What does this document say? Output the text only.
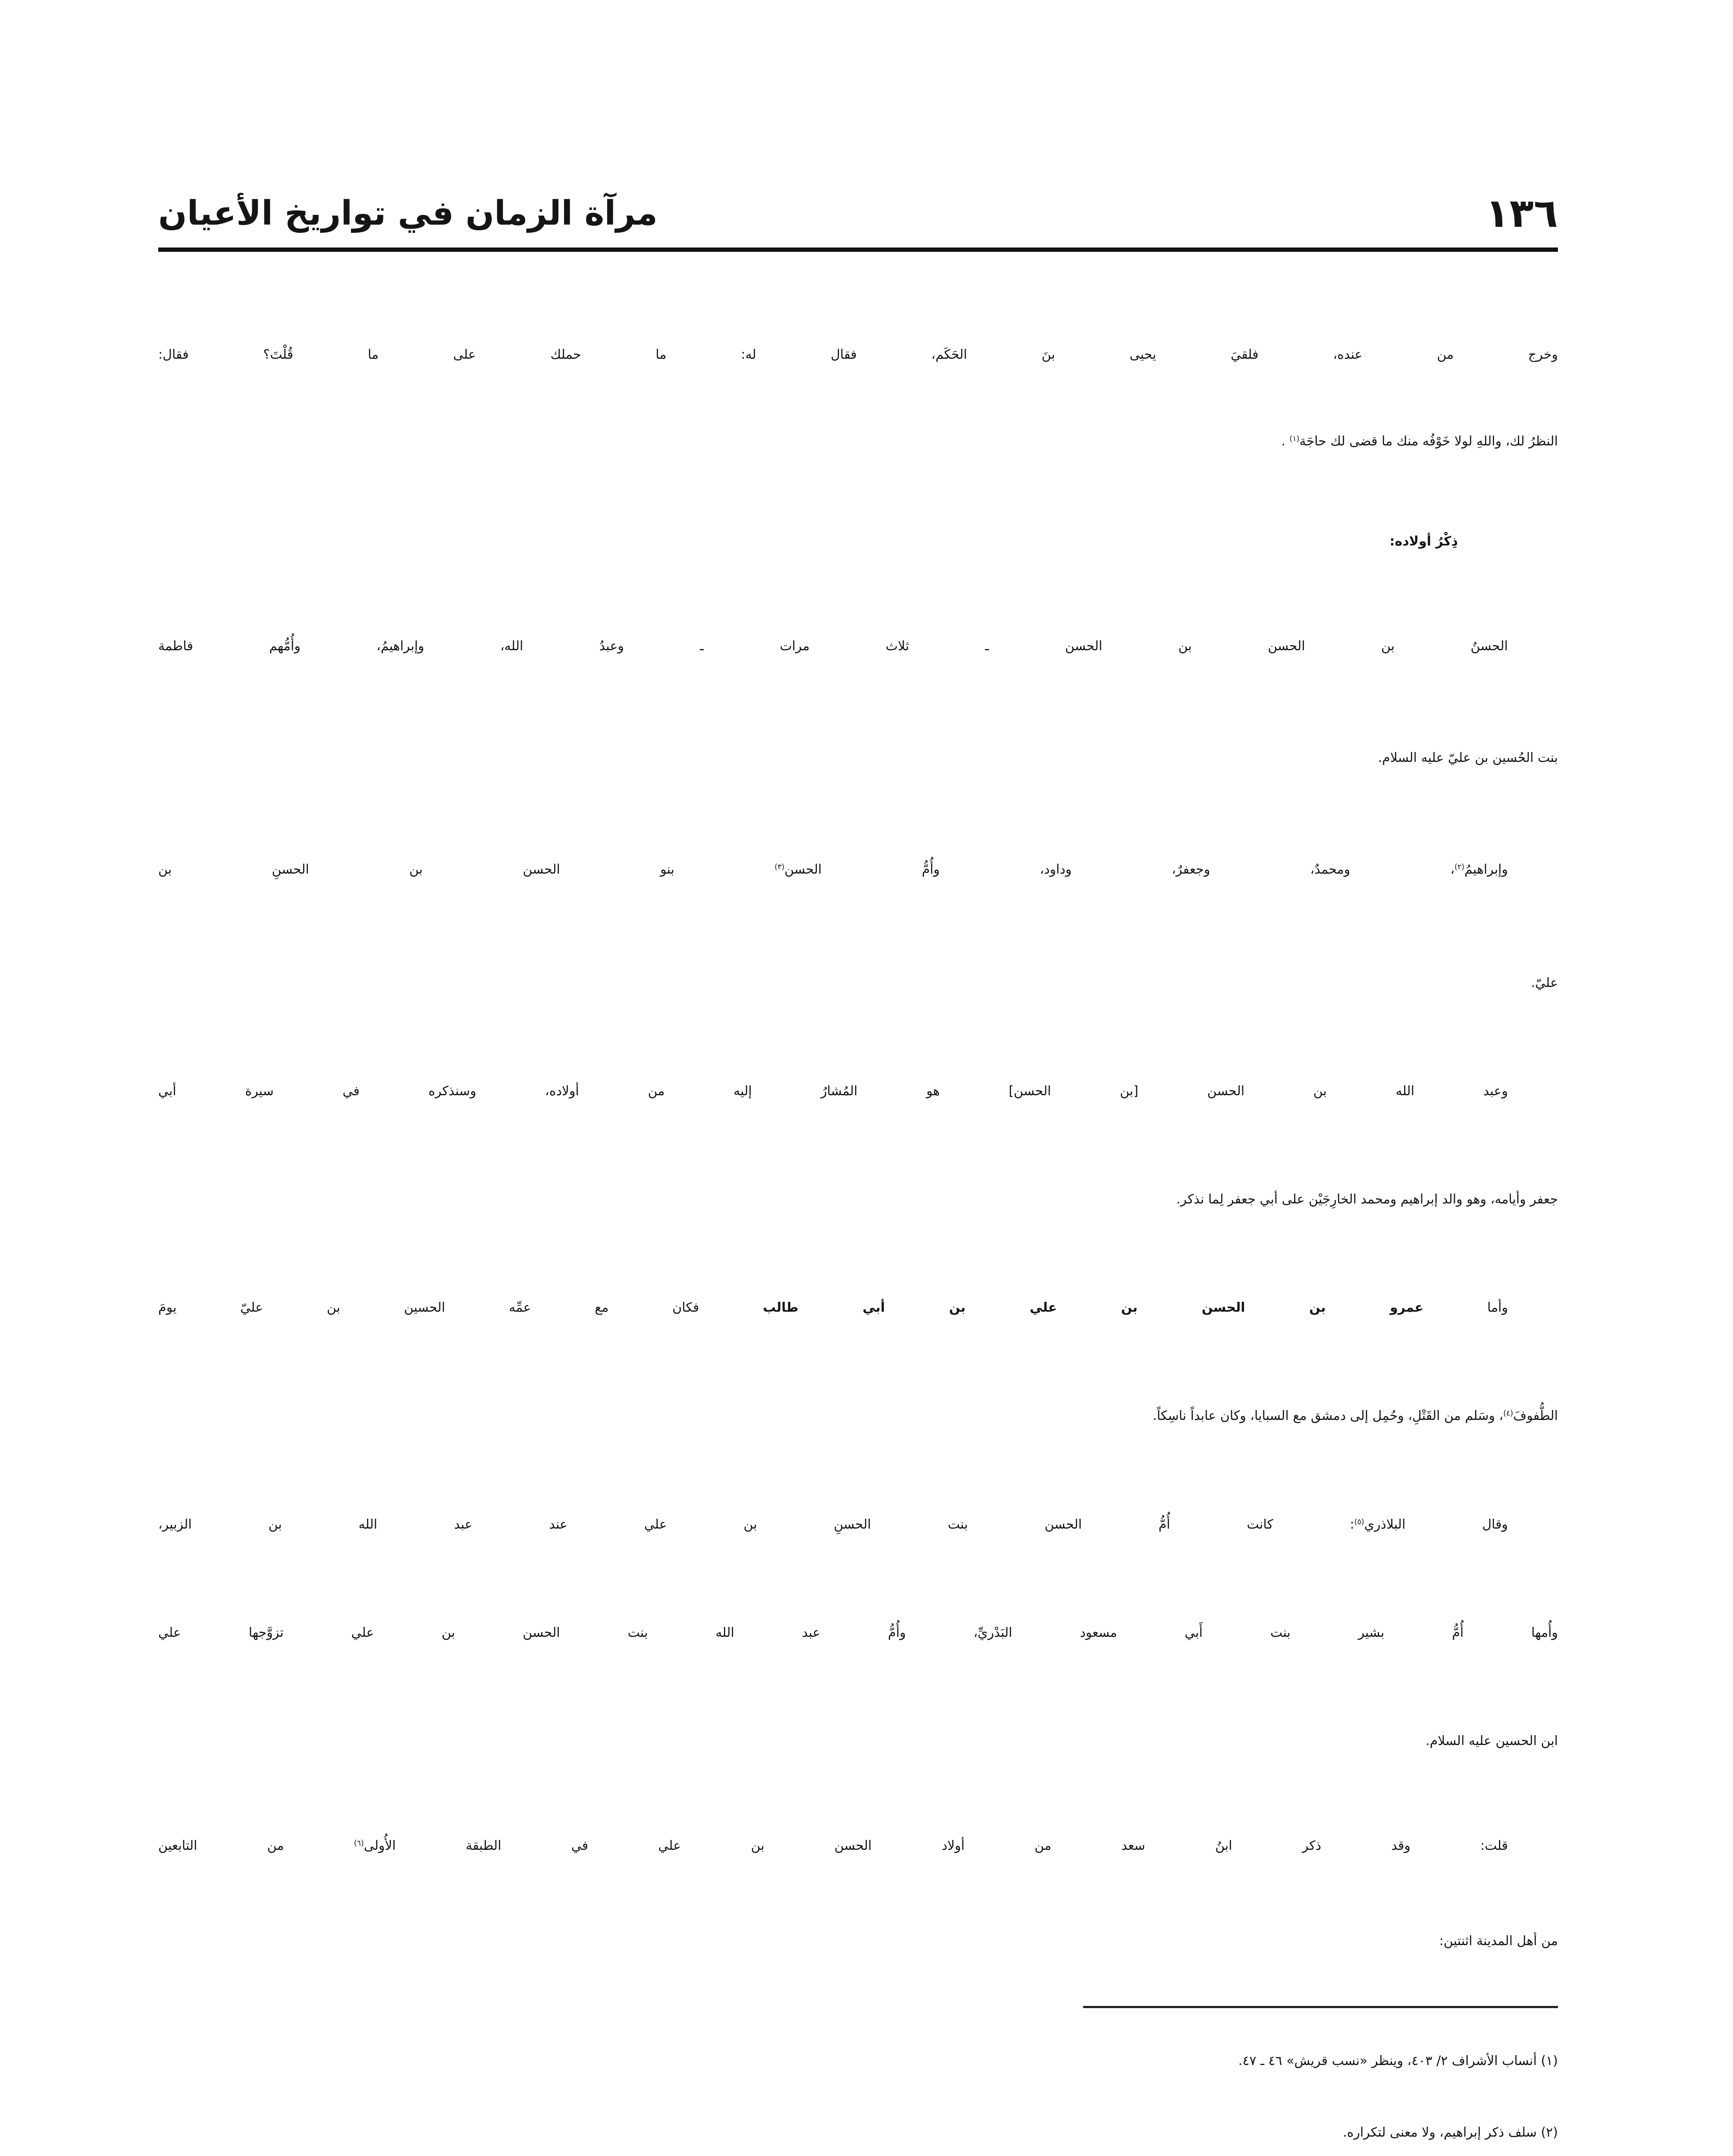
١٣٦
مرآة الزمان في تواريخ الأعيان
وخرج من عنده، فلقيَ يحيى بنَ الحَكَم، فقال له: ما حملك على ما قُلْتَ؟ فقال:
النظرُ لك، واللهِ لولا خَوْفُه منك ما قضى لك حاجَة$^{(١)}$ .
ذِكْرُ أولاده:
الحسنُ بن الحسن بن الحسن ـ ثلاث مرات ـ وعبدُ الله، وإبراهيمُ، وأُمُّهم فاطمة
بنت الحُسين بن عليّ عليه السلام.
وإبراهيمُ$^{(٢)}$، ومحمدٌ، وجعفرٌ، وداود، وأُمُّ الحسن$^{(٣)}$ بنو الحسن بن الحسنِ بن
عليّ.
وعبد الله بن الحسن [بن الحسن] هو المُشارُ إليه من أولاده، وسنذكره في سيرة أبي
جعفر وأيامه، وهو والد إبراهيم ومحمد الخارِجَيْن على أبي جعفر لِما نذكر.
وأما عمرو بن الحسن بن علي بن أبي طالب فكان مع عمِّه الحسين بن عليّ يومَ
الطُّفوفَ$^{(٤)}$، وسَلم من القَتْلِ، وحُمِل إلى دمشق مع السبايا، وكان عابداً ناسِكاً.
وقال البلاذري$^{(٥)}$: كانت أُمُّ الحسن بنت الحسنِ بن علي عند عبد الله بن الزبير،
وأُمها أُمُّ بشير بنت أَبي مسعود البَدْريِّ، وأُمُّ عبد الله بنت الحسن بن علي تزوَّجها علي
ابن الحسين عليه السلام.
قلت: وقد ذكر ابنُ سعد من أولاد الحسن بن علي في الطبقة الأُولى$^{(٦)}$ من التابعين
من أهل المدينة اثنتين:
(١) أنساب الأشراف ٢/ ٤٠٣، وينظر «نسب قريش» ٤٦ ـ ٤٧.
(٢) سلف ذكر إبراهيم، ولا معنى لتكراره.
